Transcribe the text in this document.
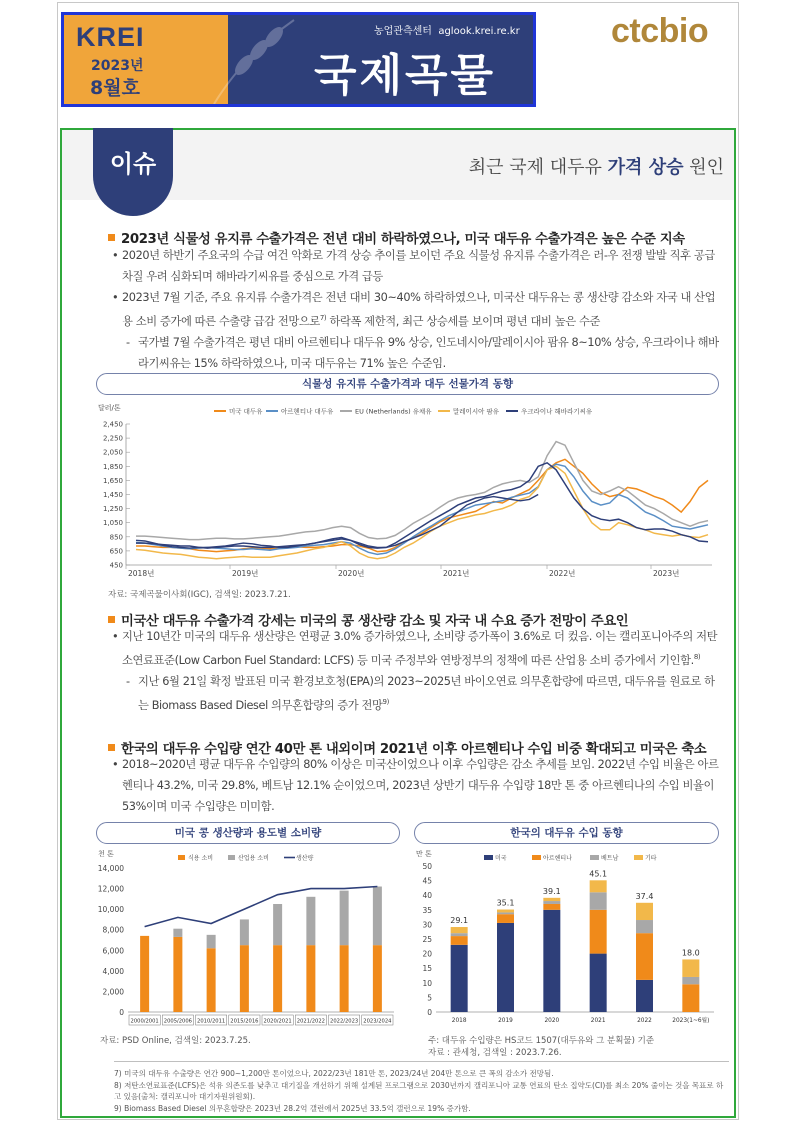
KREI
2023년
8월호
농업관측센터 aglook.krei.re.kr
국제곡물
ctcbio
이슈	최근 국제 대두유 가격 상승 원인
2023년 식물성 유지류 수출가격은 전년 대비 하락하였으나, 미국 대두유 수출가격은 높은 수준 지속
• 2020년 하반기 주요국의 수급 여건 악화로 가격 상승 추이를 보이던 주요 식물성 유지류 수출가격은 러-우 전쟁 발발 직후 공급 차질 우려 심화되며 해바라기씨유를 중심으로 가격 급등
• 2023년 7월 기준, 주요 유지류 수출가격은 전년 대비 30~40% 하락하였으나, 미국산 대두유는 콩 생산량 감소와 자국 내 산업용 소비 증가에 따른 수출량 급감 전망으로$^{7)}$ 하락폭 제한적, 최근 상승세를 보이며 평년 대비 높은 수준
- 국가별 7월 수출가격은 평년 대비 아르헨티나 대두유 9% 상승, 인도네시아/말레이시아 팜유 8~10% 상승, 우크라이나 해바라기씨유는 15% 하락하였으나, 미국 대두유는 71% 높은 수준임.
식물성 유지류 수출가격과 대두 선물가격 동향
달러/톤
450
650
850
1,050
1,250
1,450
1,650
1,850
2,050
2,250
2,450
2018년	2019년	2020년	2021년	2022년	2023년
미국 대두유	아르헨티나 대두유	EU (Netherlands) 유채유	말레이시아 팜유	우크라이나 해바라기씨유
자료: 국제곡물이사회(IGC), 검색일: 2023.7.21.
미국산 대두유 수출가격 강세는 미국의 콩 생산량 감소 및 자국 내 수요 증가 전망이 주요인
• 지난 10년간 미국의 대두유 생산량은 연평균 3.0% 증가하였으나, 소비량 증가폭이 3.6%로 더 컸음. 이는 캘리포니아주의 저탄소연료표준(Low Carbon Fuel Standard: LCFS) 등 미국 주정부와 연방정부의 정책에 따른 산업용 소비 증가에서 기인함.$^{8)}$
- 지난 6월 21일 확정 발표된 미국 환경보호청(EPA)의 2023~2025년 바이오연료 의무혼합량에 따르면, 대두유를 원료로 하는 Biomass Based Diesel 의무혼합량의 증가 전망$^{9)}$
한국의 대두유 수입량 연간 40만 톤 내외이며 2021년 이후 아르헨티나 수입 비중 확대되고 미국은 축소
• 2018~2020년 평균 대두유 수입량의 80% 이상은 미국산이었으나 이후 수입량은 감소 추세를 보임. 2022년 수입 비율은 아르헨티나 43.2%, 미국 29.8%, 베트남 12.1% 순이었으며, 2023년 상반기 대두유 수입량 18만 톤 중 아르헨티나의 수입 비율이 53%이며 미국 수입량은 미미함.
미국 콩 생산량과 용도별 소비량
천 톤
0
2,000
4,000
6,000
8,000
10,000
12,000
14,000
2000/2001 2005/2006 2010/2011 2015/2016 2020/2021 2021/2022 2022/2023 2023/2024
식용 소비	산업용 소비	생산량
자료: PSD Online, 검색일: 2023.7.25.
한국의 대두유 수입 동향
만 톤
0
5
10
15
20
25
30
35
40
45
50
29.1
2018
35.1
2019
39.1
2020
45.1
2021
37.4
2022
18.0
2023(1~6월)
미국	아르헨티나	베트남	기타
주: 대두유 수입량은 HS코드 1507(대두유와 그 분획물) 기준
자료 : 관세청, 검색일 : 2023.7.26.
7) 미국의 대두유 수출량은 연간 900~1,200만 톤이었으나, 2022/23년 181만 톤, 2023/24년 204만 톤으로 큰 폭의 감소가 전망됨.
8) 저탄소연료표준(LCFS)은 석유 의존도를 낮추고 대기질을 개선하기 위해 설계된 프로그램으로 2030년까지 캘리포니아 교통 연료의 탄소 집약도(CI)를 최소 20% 줄이는 것을 목표로 하고 있음(출처: 캘리포니아 대기자원위원회).
9) Biomass Based Diesel 의무혼합량은 2023년 28.2억 갤런에서 2025년 33.5억 갤런으로 19% 증가함.
